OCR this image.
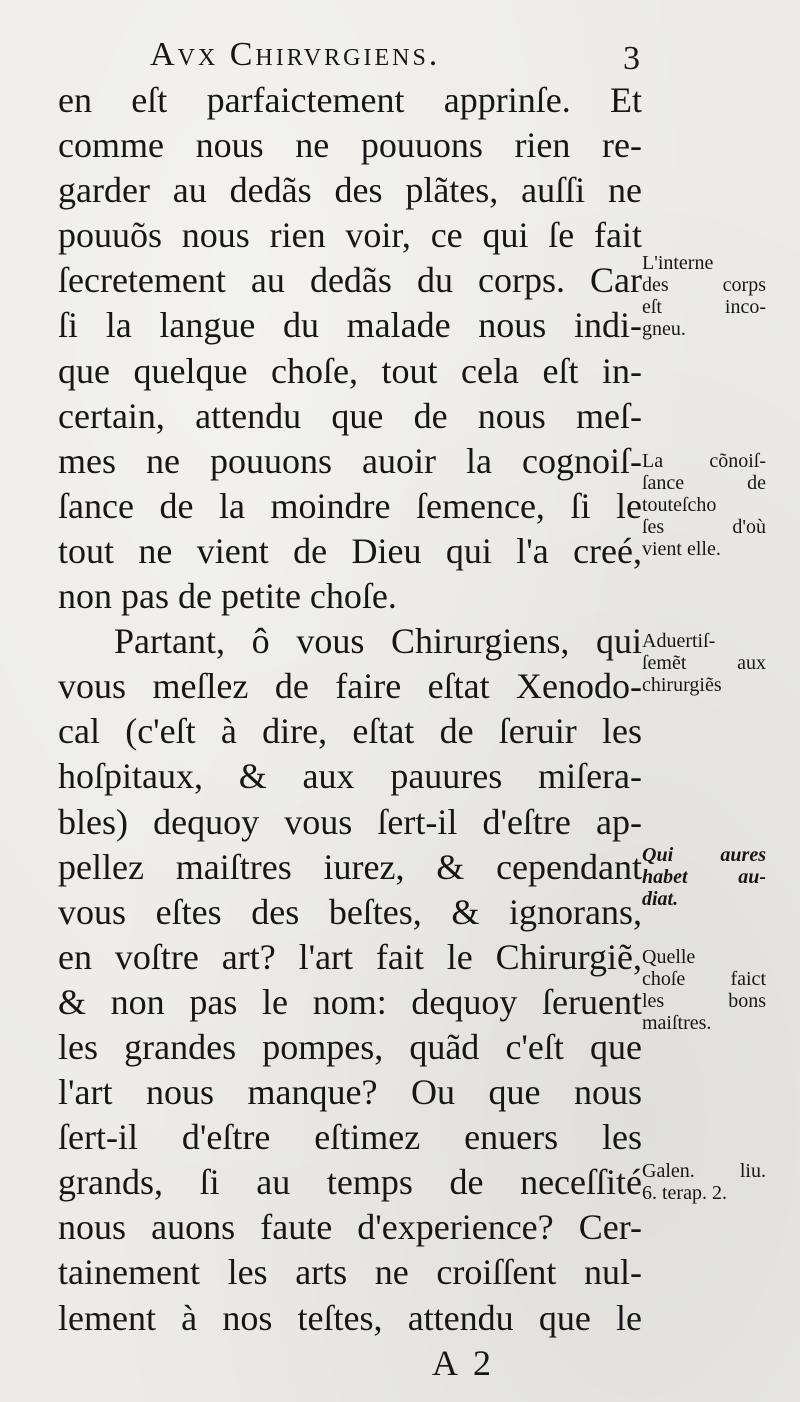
Avx Chirvrgiens.	3
en eſt parfaictement apprinſe. Et
comme nous ne pouuons rien re-
garder au dedãs des plãtes, auſſi ne
pouuõs nous rien voir, ce qui ſe fait
ſecretement au dedãs du corps. Car
ſi la langue du malade nous indi-
que quelque choſe, tout cela eſt in-
certain, attendu que de nous meſ-
mes ne pouuons auoir la cognoiſ-
ſance de la moindre ſemence, ſi le
tout ne vient de Dieu qui l'a creé,
non pas de petite choſe.
Partant, ô vous Chirurgiens, qui
vous meſlez de faire eſtat Xenodo-
cal (c'eſt à dire, eſtat de ſeruir les
hoſpitaux, & aux pauures miſera-
bles) dequoy vous ſert-il d'eſtre ap-
pellez maiſtres iurez, & cependant
vous eſtes des beſtes, & ignorans,
en voſtre art? l'art fait le Chirurgiẽ,
& non pas le nom: dequoy ſeruent
les grandes pompes, quãd c'eſt que
l'art nous manque? Ou que nous
ſert-il d'eſtre eſtimez enuers les
grands, ſi au temps de neceſſité
nous auons faute d'experience? Cer-
tainement les arts ne croiſſent nul-
lement à nos teſtes, attendu que le
L'interne
des corps
eſt inco-
gneu.
La cõnoiſ-
ſance de
touteſcho
ſes d'où
vient elle.
Aduertiſ-
ſemẽt aux
chirurgiẽs
Qui aures
habet au-
diat.
Quelle
choſe faict
les bons
maiſtres.
Galen. liu.
6. terap. 2.
A 2
